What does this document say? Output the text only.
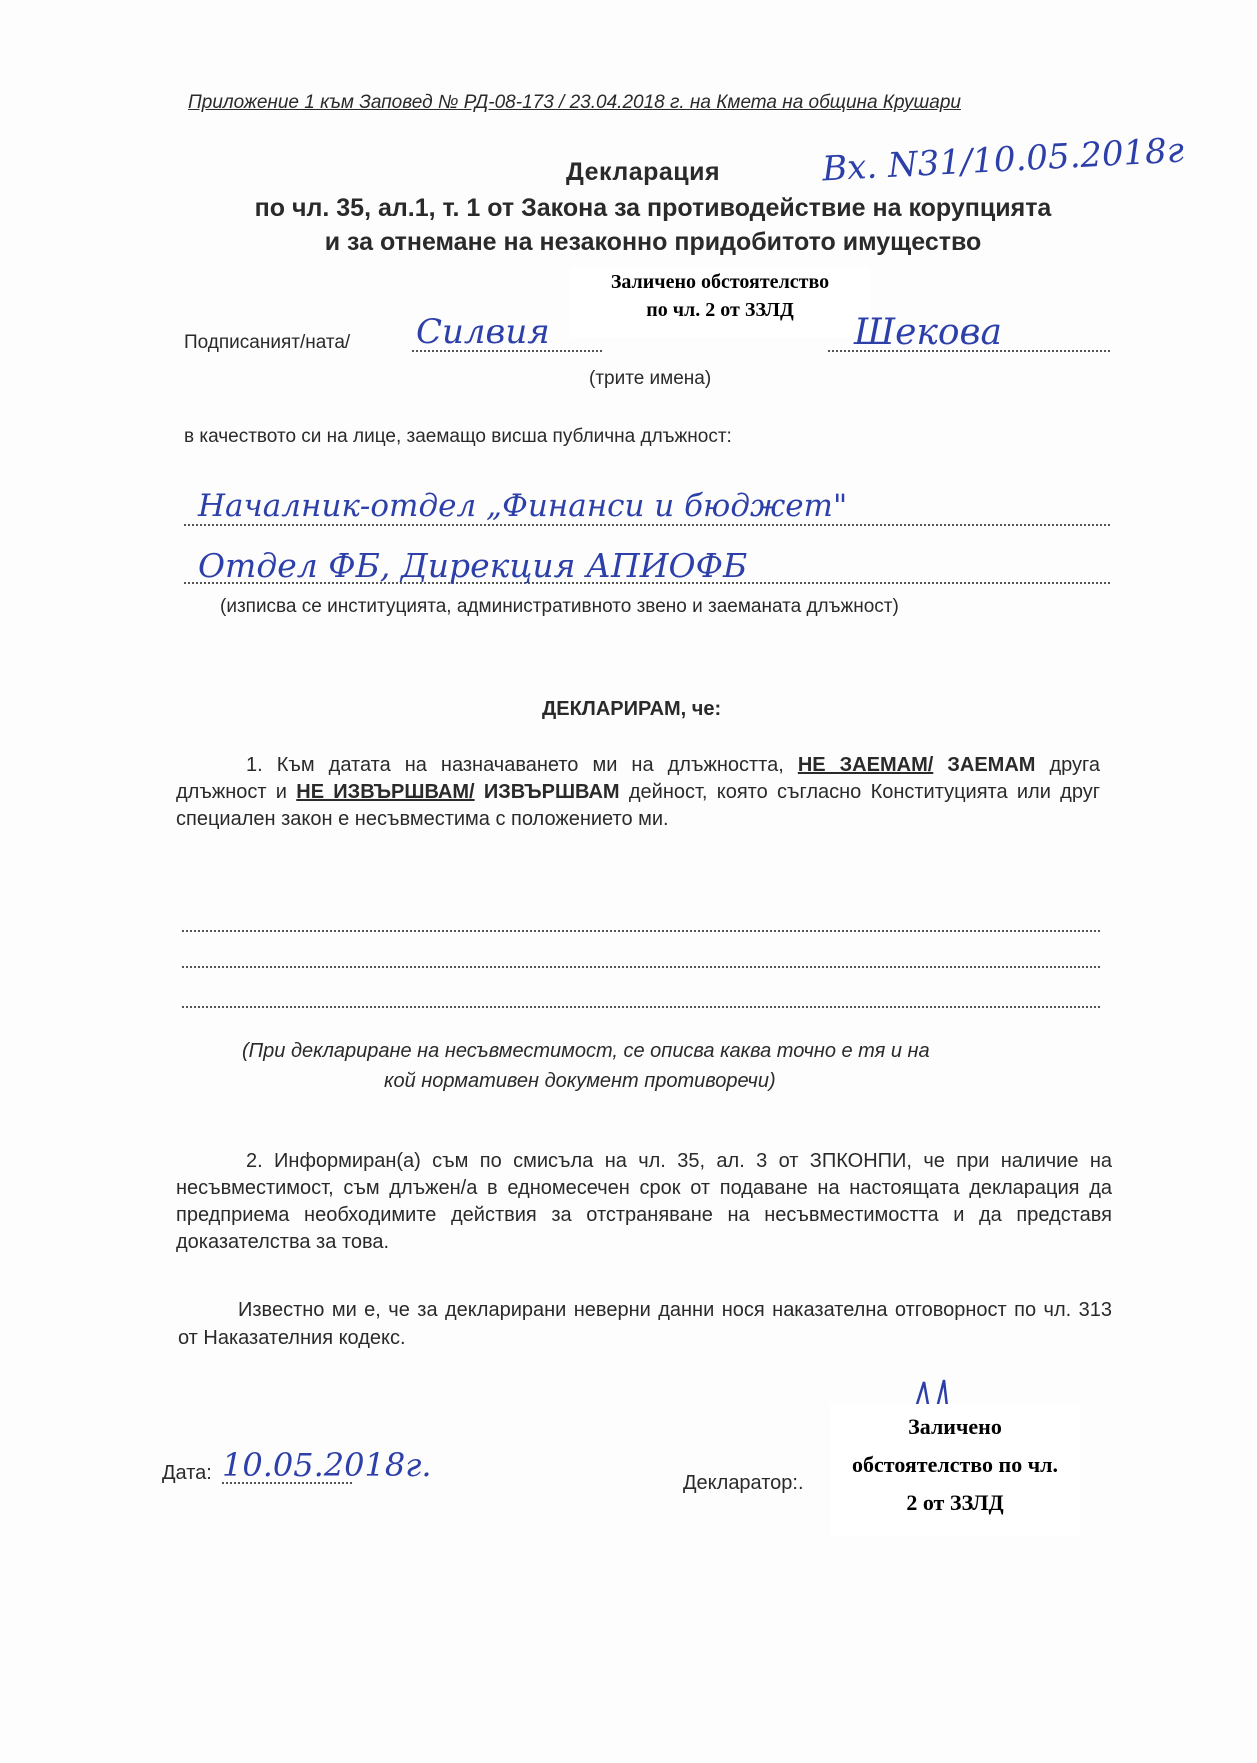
Приложение 1 към Заповед № РД-08-173 / 23.04.2018 г. на Кмета на община Крушари
Вх. N31/10.05.2018г
Декларация
по чл. 35, ал.1, т. 1 от Закона за противодействие на корупцията
и за отнемане на незаконно придобитото имущество
Заличено обстоятелство
по чл. 2 от ЗЗЛД
Подписаният/ната/ Силвия	Шекова
(трите имена)
в качеството си на лице, заемащо висша публична длъжност:
Началник-отдел „Финанси и бюджет"
Отдел ФБ, Дирекция АПИОФБ
(изписва се институцията, административното звено и заеманата длъжност)
ДЕКЛАРИРАМ, че:
1. Към датата на назначаването ми на длъжността, НЕ ЗАЕМАМ/ ЗАЕМАМ друга длъжност и НЕ ИЗВЪРШВАМ/ ИЗВЪРШВАМ дейност, която съгласно Конституцията или друг специален закон е несъвместима с положението ми.
(При деклариране на несъвместимост, се описва каква точно е тя и на
кой нормативен документ противоречи)
2. Информиран(а) съм по смисъла на чл. 35, ал. 3 от ЗПКОНПИ, че при наличие на несъвместимост, съм длъжен/а в едномесечен срок от подаване на настоящата декларация да предприема необходимите действия за отстраняване на несъвместимостта и да представя доказателства за това.
Известно ми е, че за декларирани неверни данни нося наказателна отговорност по чл. 313 от Наказателния кодекс.
Дата: 10.05.2018г.	Декларатор:.
Заличено
обстоятелство по чл.
2 от ЗЗЛД
